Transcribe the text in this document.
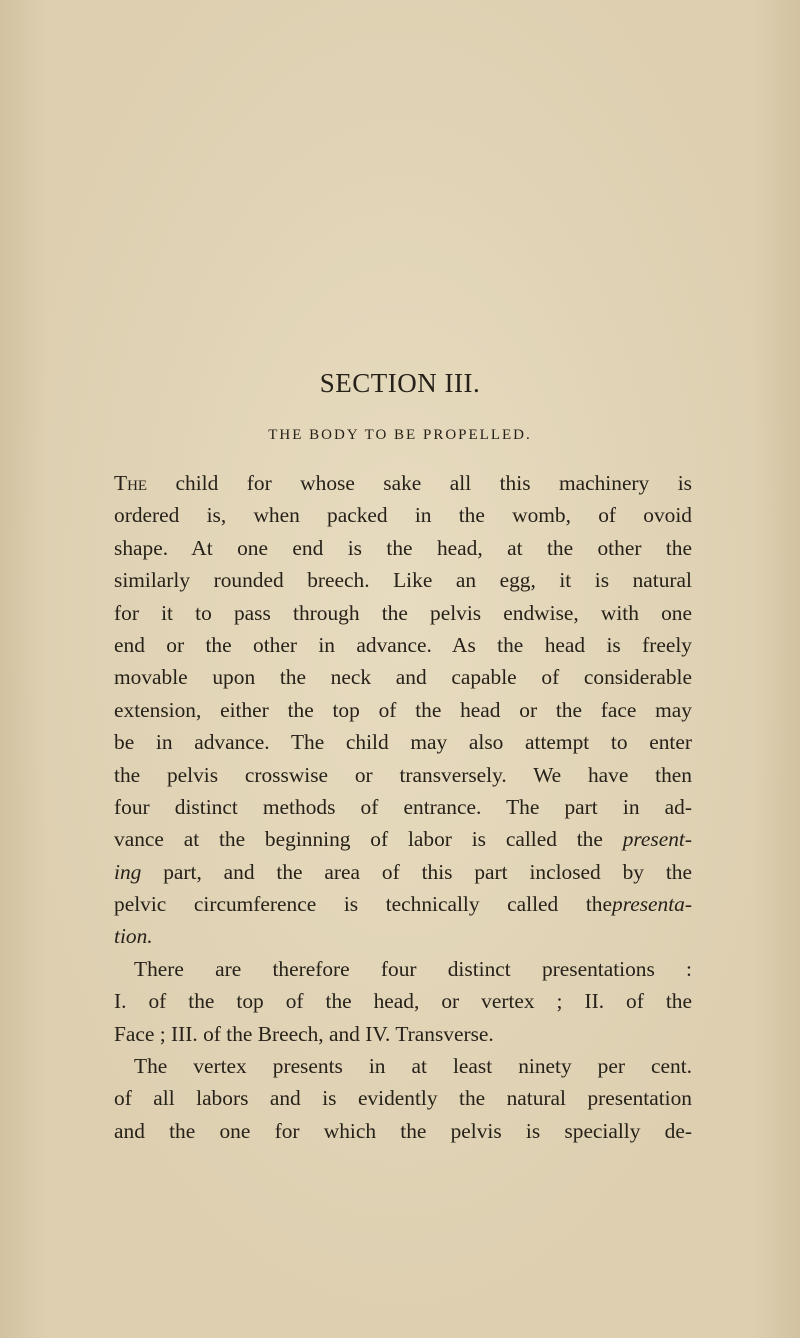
SECTION III.
THE BODY TO BE PROPELLED.
The child for whose sake all this machinery is
ordered is, when packed in the womb, of ovoid
shape. At one end is the head, at the other the
similarly rounded breech. Like an egg, it is natural
for it to pass through the pelvis endwise, with one
end or the other in advance. As the head is freely
movable upon the neck and capable of considerable
extension, either the top of the head or the face may
be in advance. The child may also attempt to enter
the pelvis crosswise or transversely. We have then
four distinct methods of entrance. The part in ad-
vance at the beginning of labor is called the present-
ing part, and the area of this part inclosed by the
pelvic circumference is technically called thepresenta-
tion.
There are therefore four distinct presentations :
I. of the top of the head, or vertex ; II. of the
Face ; III. of the Breech, and IV. Transverse.
The vertex presents in at least ninety per cent.
of all labors and is evidently the natural presentation
and the one for which the pelvis is specially de-
